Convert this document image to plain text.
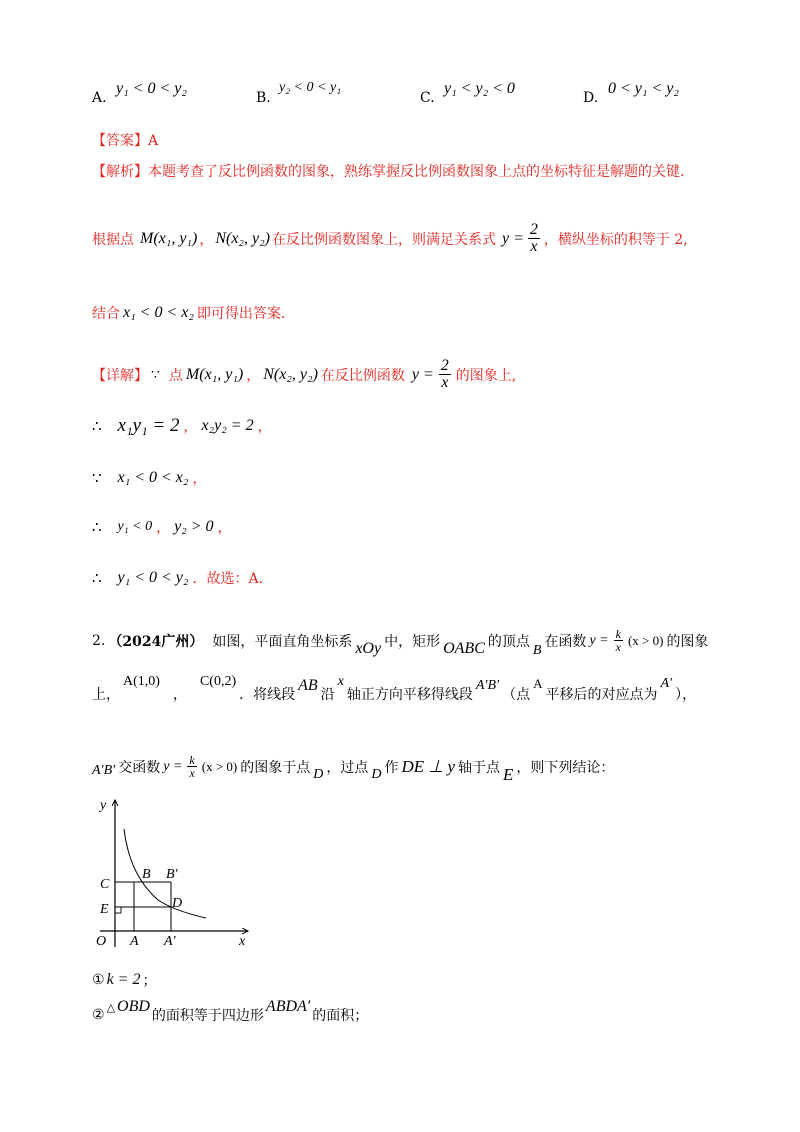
A.
y₁ < 0 < y₂
B.
y₂ < 0 < y₁
C.
y₁ < y₂ < 0
D.
0 < y₁ < y₂
【答案】A
【解析】本题考查了反比例函数的图象，熟练掌握反比例函数图象上点的坐标特征是解题的关键.
根据点 M(x₁, y₁) ， N(x₂, y₂) 在反比例函数图象上，则满足关系式 $y = \frac{2}{x}$ ，横纵坐标的积等于 2,
结合 x₁ < 0 < x₂ 即可得出答案.
【详解】 ∵ 点 M(x₁, y₁) ， N(x₂, y₂) 在反比例函数 $y = \frac{2}{x}$ 的图象上,
∴ x₁y₁ = 2 ， x₂y₂ = 2 ，
∵ x₁ < 0 < x₂ ，
∴ y₁ < 0 ， y₂ > 0 ，
∴ y₁ < 0 < y₂ ．故选：A.
2. （2024广州） 如图，平面直角坐标系 xOy 中，矩形 OABC 的顶点
B
在函数 $y = \frac{k}{x} (x > 0)$ 的图象
上，
A(1,0)
，
C(0,2)
．将线段
AB
沿
x
轴正方向平移得线段
A′B′
（点
A
平移后的对应点为
A′
），
A′B′ 交函数 $y = \frac{k}{x} (x > 0)$ 的图象于点 D ，过点 D 作 DE ⊥ y 轴于点 E ，则下列结论：
y
x
O A A′
B B′
C
D
E
① k = 2 ；
② △ OBD
的面积等于四边形
ABDA′
的面积；
